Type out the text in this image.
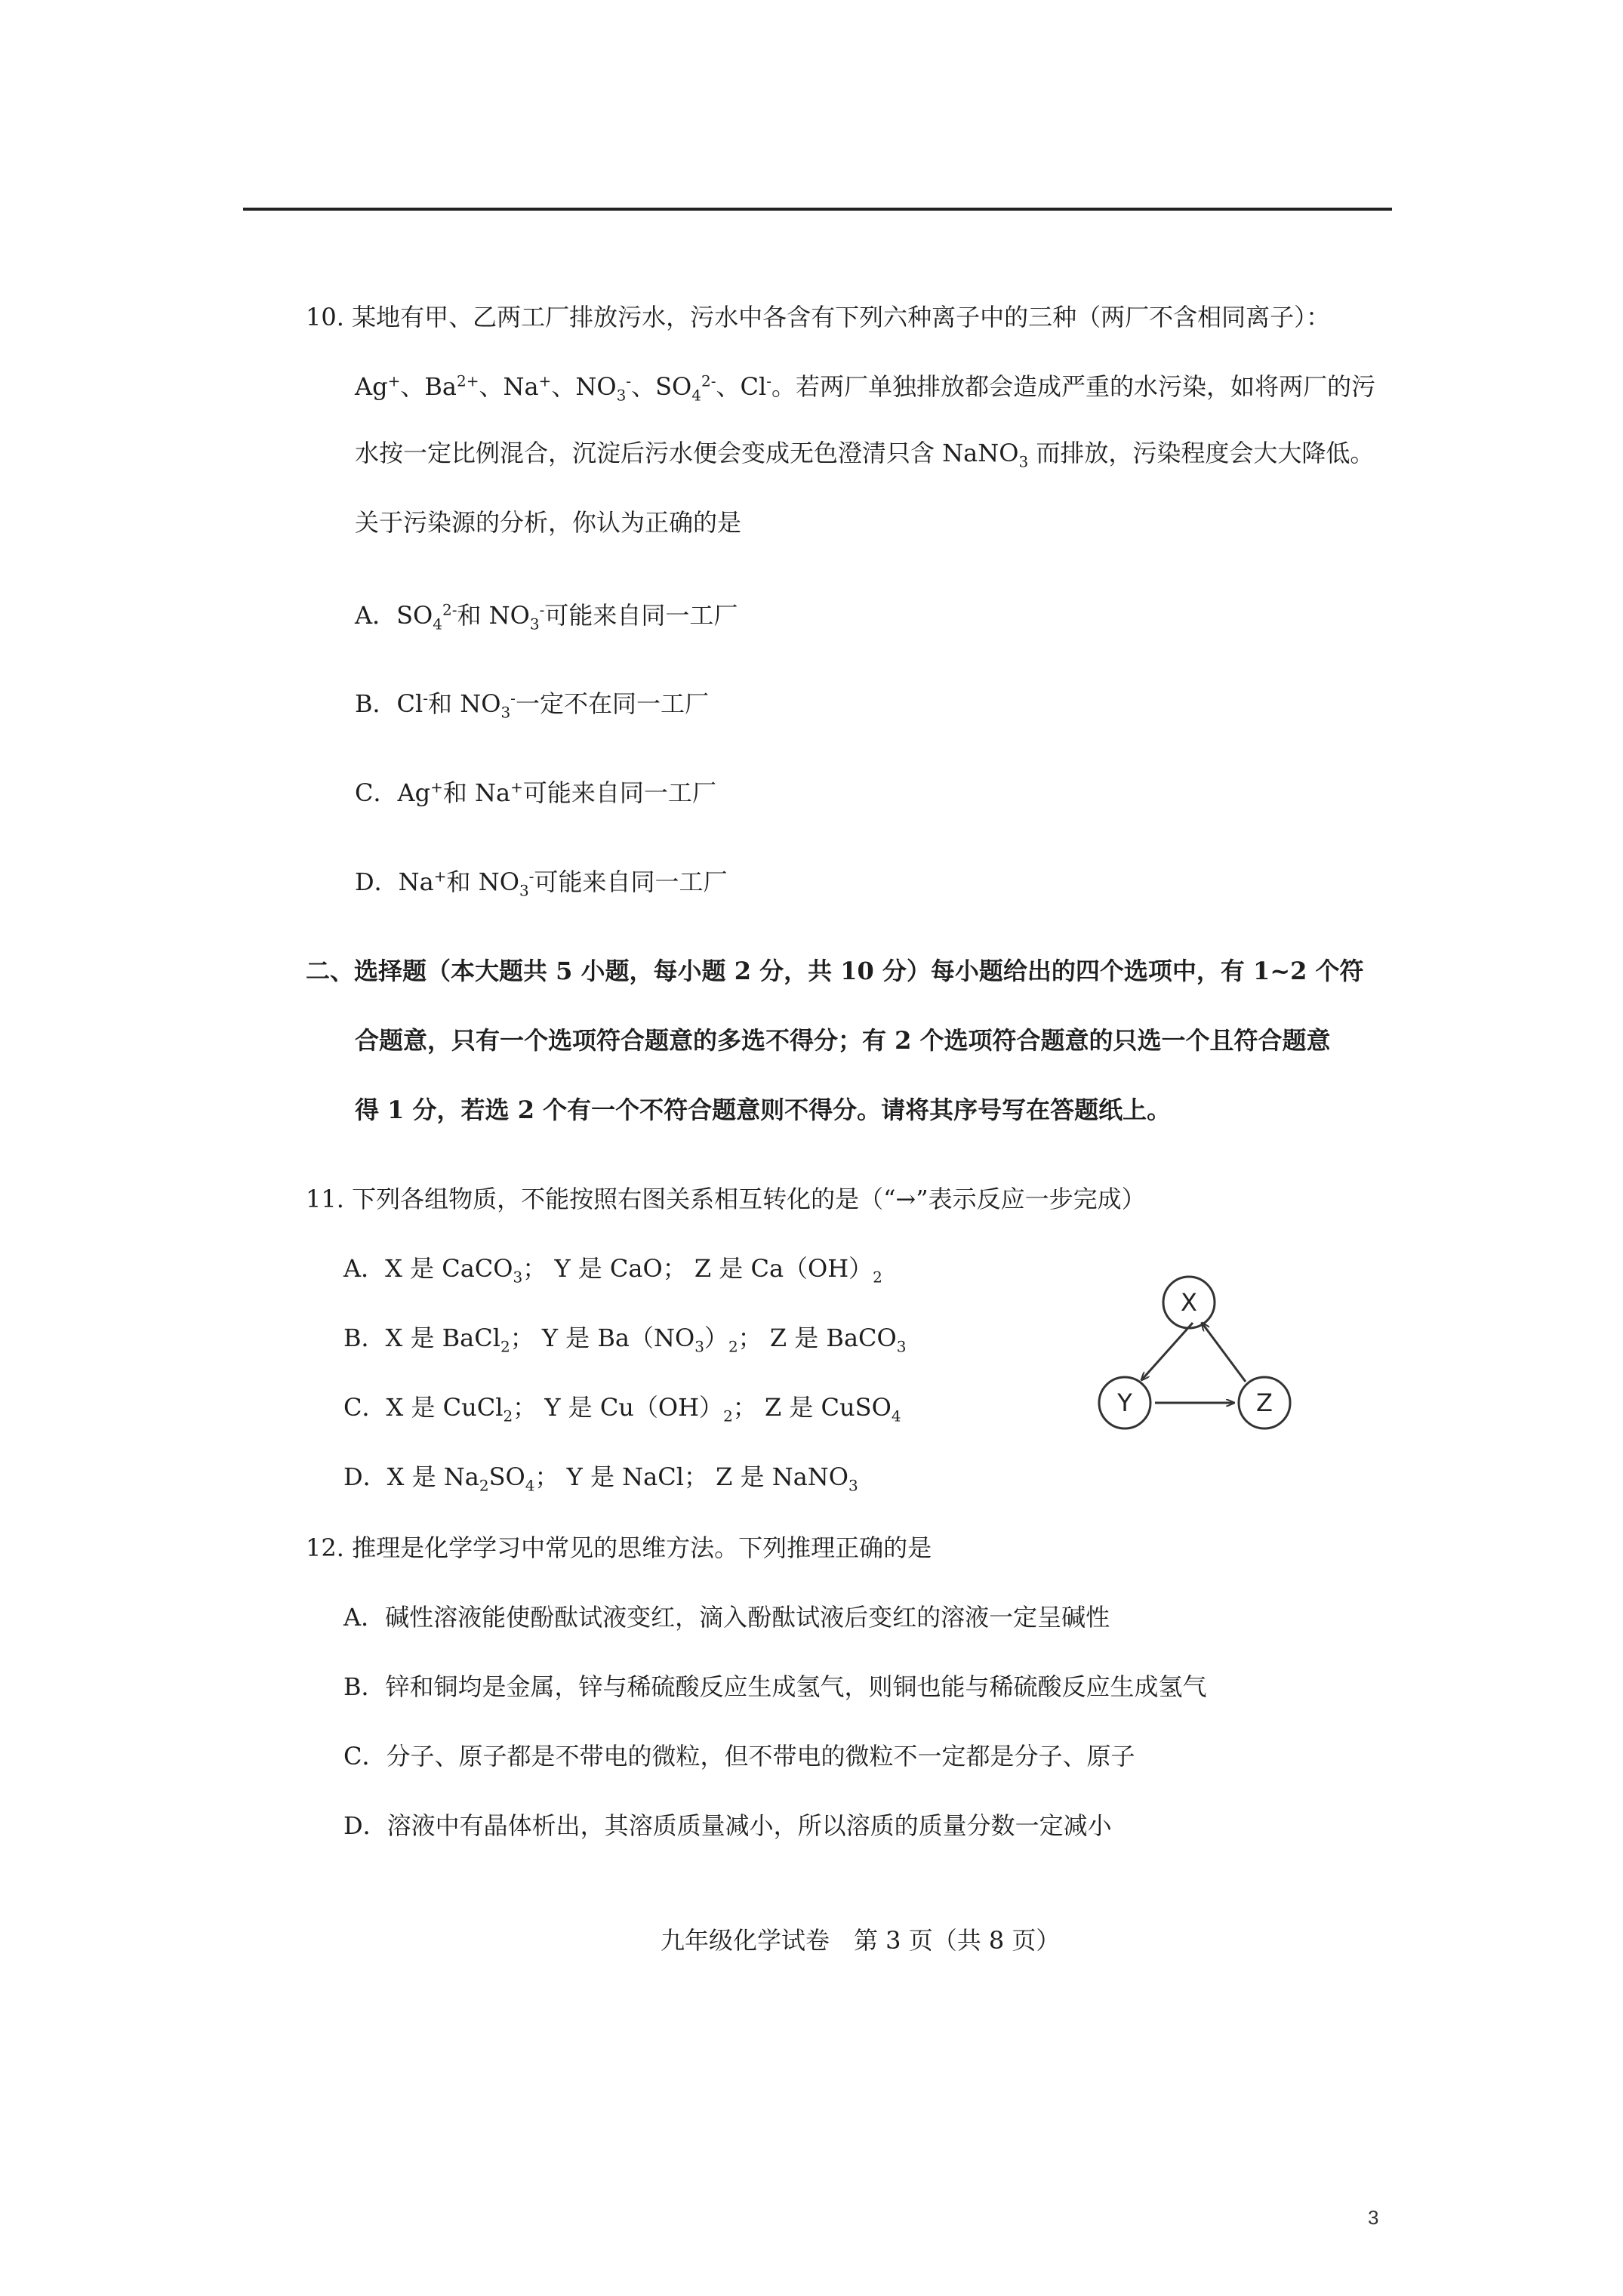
10. 某地有甲、乙两工厂排放污水，污水中各含有下列六种离子中的三种（两厂不含相同离子）：
Ag+、$Ba^{2+}$、Na+、$NO_3^-$、$SO_4^{2-}$、Cl-。若两厂单独排放都会造成严重的水污染，如将两厂的污
水按一定比例混合，沉淀后污水便会变成无色澄清只含 NaNO$_3$ 而排放，污染程度会大大降低。
关于污染源的分析，你认为正确的是
A．$SO_4^{2-}$和 $NO_3^-$可能来自同一工厂
B．Cl-和 $NO_3^-$一定不在同一工厂
C．Ag+和 Na+可能来自同一工厂
D．Na+和 $NO_3^-$可能来自同一工厂
二、选择题（本大题共 5 小题，每小题 2 分，共 10 分）每小题给出的四个选项中，有 1~2 个符
合题意，只有一个选项符合题意的多选不得分；有 2 个选项符合题意的只选一个且符合题意
得 1 分，若选 2 个有一个不符合题意则不得分。请将其序号写在答题纸上。
11. 下列各组物质，不能按照右图关系相互转化的是（“→”表示反应一步完成）
A．X 是 CaCO$_3$； Y 是 CaO； Z 是 $Ca(OH)_2$
B．X 是 BaCl$_2$； Y 是 $Ba(NO_3)_2$； Z 是 BaCO$_3$
C．X 是 CuCl$_2$； Y 是 $Cu(OH)_2$； Z 是 CuSO$_4$
D．X 是 $Na_2SO_4$； Y 是 NaCl； Z 是 NaNO$_3$
X
Y	Z
12. 推理是化学学习中常见的思维方法。下列推理正确的是
A．碱性溶液能使酚酞试液变红，滴入酚酞试液后变红的溶液一定呈碱性
B．锌和铜均是金属，锌与稀硫酸反应生成氢气，则铜也能与稀硫酸反应生成氢气
C．分子、原子都是不带电的微粒，但不带电的微粒不一定都是分子、原子
D．溶液中有晶体析出，其溶质质量减小，所以溶质的质量分数一定减小
九年级化学试卷　第 3 页（共 8 页）
3
